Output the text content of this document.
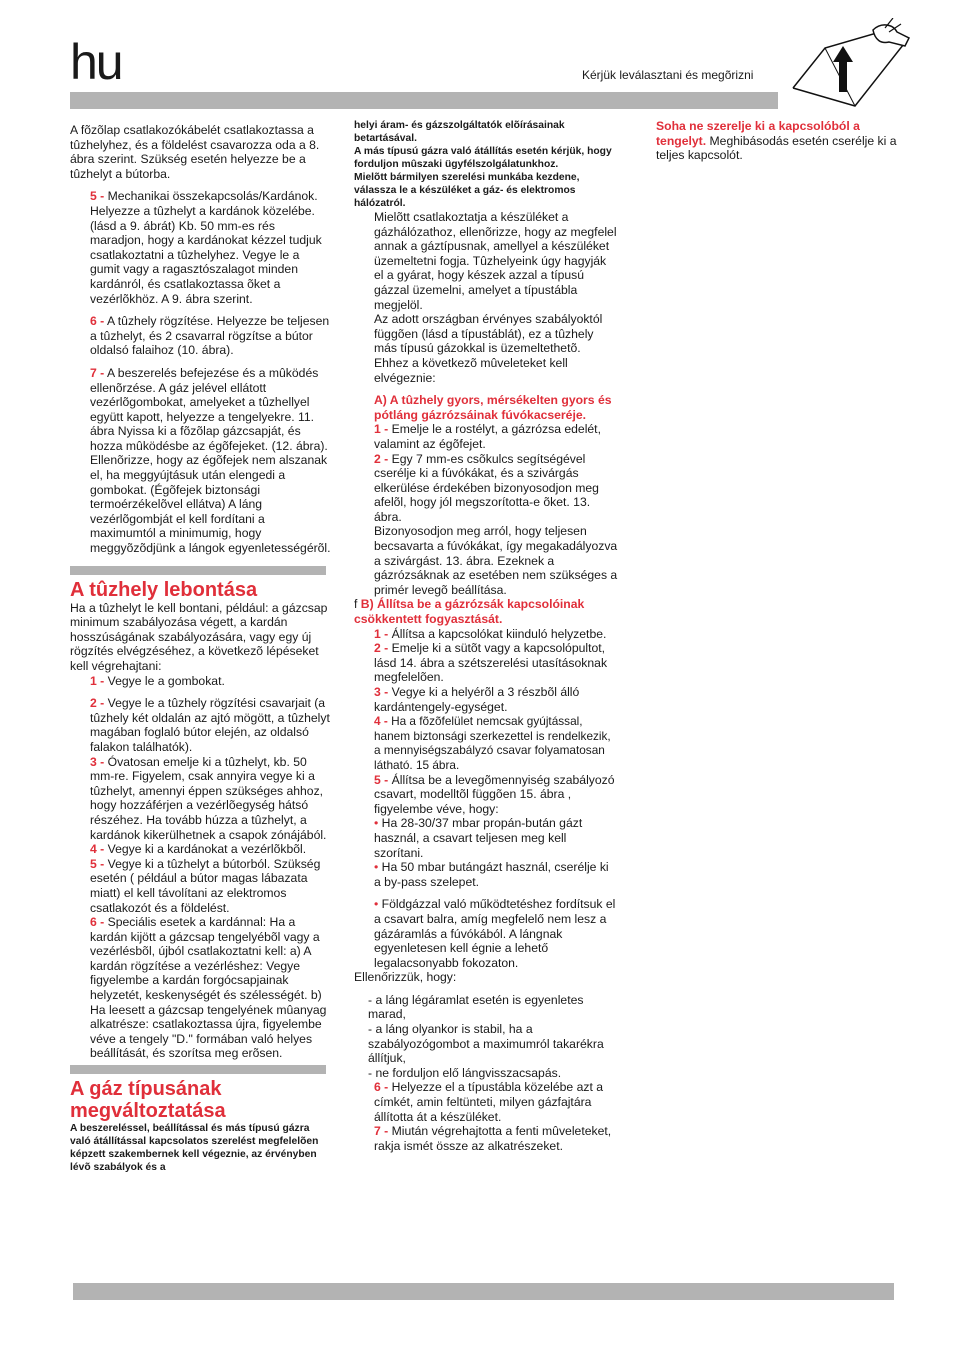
hu	Kérjük leválasztani és megõrizni

A fõzõlap csatlakozókábelét csatlakoztassa a tûzhelyhez, és a földelést csavarozza oda a 8. ábra szerint. Szükség esetén helyezze be a tûzhelyt a bútorba.

5 - Mechanikai összekapcsolás/Kardánok. Helyezze a tûzhelyt a kardánok közelébe. (lásd a 9. ábrát) Kb. 50 mm-es rés maradjon, hogy a kardánokat kézzel tudjuk csatlakoztatni a tûzhelyhez. Vegye le a gumit vagy a ragasztószalagot minden kardánról, és csatlakoztassa õket a vezérlõkhöz. A 9. ábra szerint.

6 - A tûzhely rögzítése. Helyezze be teljesen a tûzhelyt, és 2 csavarral rögzítse a bútor oldalsó falaihoz (10. ábra).

7 - A beszerelés befejezése és a mûködés ellenõrzése. A gáz jelével ellátott vezérlõgombokat, amelyeket a tûzhellyel együtt kapott, helyezze a tengelyekre. 11. ábra Nyissa ki a fõzõlap gázcsapját, és hozza mûködésbe az égõfejeket. (12. ábra). Ellenõrizze, hogy az égõfejek nem alszanak el, ha meggyújtásuk után elengedi a gombokat. (Égõfejek biztonsági termoérzékelõvel ellátva) A láng vezérlõgombját el kell fordítani a maximumtól a minimumig, hogy meggyõzõdjünk a lángok egyenletességérõl.

A tûzhely lebontása

Ha a tûzhelyt le kell bontani, például: a gázcsap minimum szabályozása végett, a kardán hosszúságának szabályozására, vagy egy új rögzítés elvégzéséhez, a következõ lépéseket kell végrehajtani:

1 - Vegye le a gombokat.

2 - Vegye le a tûzhely rögzítési csavarjait (a tûzhely két oldalán az ajtó mögött, a tûzhelyt magában foglaló bútor elején, az oldalsó falakon találhatók).

3 - Óvatosan emelje ki a tûzhelyt, kb. 50 mm-re. Figyelem, csak annyira vegye ki a tûzhelyt, amennyi éppen szükséges ahhoz, hogy hozzáférjen a vezérlõegység hátsó részéhez. Ha tovább húzza a tûzhelyt, a kardánok kikerülhetnek a csapok zónájából.

4 - Vegye ki a kardánokat a vezérlõkbõl.

5 - Vegye ki a tûzhelyt a bútorból. Szükség esetén ( például a bútor magas lábazata miatt) el kell távolítani az elektromos csatlakozót és a földelést.

6 - Speciális esetek a kardánnal: Ha a kardán kijött a gázcsap tengelyébõl vagy a vezérlésbõl, újból csatlakoztatni kell: a) A kardán rögzítése a vezérléshez: Vegye figyelembe a kardán forgócsapjainak helyzetét, keskenységét és szélességét. b) Ha leesett a gázcsap tengelyének mûanyag alkatrésze: csatlakoztassa újra, figyelembe véve a tengely "D." formában való helyes beállítását, és szorítsa meg erõsen.

A gáz típusának megváltoztatása

A beszereléssel, beállítással és más típusú gázra való átállítással kapcsolatos szerelést megfelelõen képzett szakembernek kell végeznie, az érvényben lévõ szabályok és a

helyi áram- és gázszolgáltatók elõírásainak betartásával.

A más típusú gázra való átállítás esetén kérjük, hogy forduljon mûszaki ügyfélszolgálatunkhoz.

Mielõtt bármilyen szerelési munkába kezdene, válassza le a készüléket a gáz- és elektromos hálózatról.

Mielõtt csatlakoztatja a készüléket a gázhálózathoz, ellenõrizze, hogy az megfelel annak a gáztípusnak, amellyel a készüléket üzemeltetni fogja. Tûzhelyeink úgy hagyják el a gyárat, hogy készek azzal a típusú gázzal üzemelni, amelyet a típustábla megjelöl.

Az adott országban érvényes szabályoktól függõen (lásd a típustáblát), ez a tûzhely más típusú gázokkal is üzemeltethetõ. Ehhez a következõ mûveleteket kell elvégeznie:

A) A tûzhely gyors, mérsékelten gyors és pótláng gázrózsáinak fúvókacseréje.

1 - Emelje le a rostélyt, a gázrózsa edelét, valamint az égõfejet.

2 - Egy 7 mm-es csõkulcs segítségével cserélje ki a fúvókákat, és a szivárgás elkerülése érdekében bizonyosodjon meg afelõl, hogy jól megszorította-e õket. 13. ábra.

Bizonyosodjon meg arról, hogy teljesen becsavarta a fúvókákat, így megakadályozva a szivárgást. 13. ábra. Ezeknek a gázrózsáknak az esetében nem szükséges a primér levegõ beállítása.

f B) Állítsa be a gázrózsák kapcsolóinak csökkentett fogyasztását.

1 - Állítsa a kapcsolókat kiinduló helyzetbe.

2 - Emelje ki a sütõt vagy a kapcsolópultot, lásd 14. ábra a szétszerelési utasításoknak megfelelõen.

3 - Vegye ki a helyérõl a 3 részbõl álló kardántengely-egységet.

4 - Ha a fõzõfelület nemcsak gyújtással, hanem biztonsági szerkezettel is rendelkezik, a mennyiségszabályzó csavar folyamatosan látható. 15 ábra.

5 - Állítsa be a levegõmennyiség szabályozó csavart, modelltõl függõen 15. ábra , figyelembe véve, hogy:

• Ha 28-30/37 mbar propán-bután gázt használ, a csavart teljesen meg kell szorítani.

• Ha 50 mbar butángázt használ, cserélje ki a by-pass szelepet.

• Földgázzal való működtetéshez fordítsuk el a csavart balra, amíg megfelelő nem lesz a gázáramlás a fúvókából. A lángnak egyenletesen kell égnie a lehető legalacsonyabb fokozaton.

Ellenőrizzük, hogy:

- a láng légáramlat esetén is egyenletes marad,

- a láng olyankor is stabil, ha a szabályozógombot a maximumról takarékra állítjuk,

- ne forduljon elő lángvisszacsapás.

6 - Helyezze el a típustábla közelébe azt a címkét, amin feltünteti, milyen gázfajtára állította át a készüléket.

7 - Miután végrehajtotta a fenti mûveleteket, rakja ismét össze az alkatrészeket.

Soha ne szerelje ki a kapcsolóból a tengelyt. Meghibásodás esetén cserélje ki a teljes kapcsolót.
